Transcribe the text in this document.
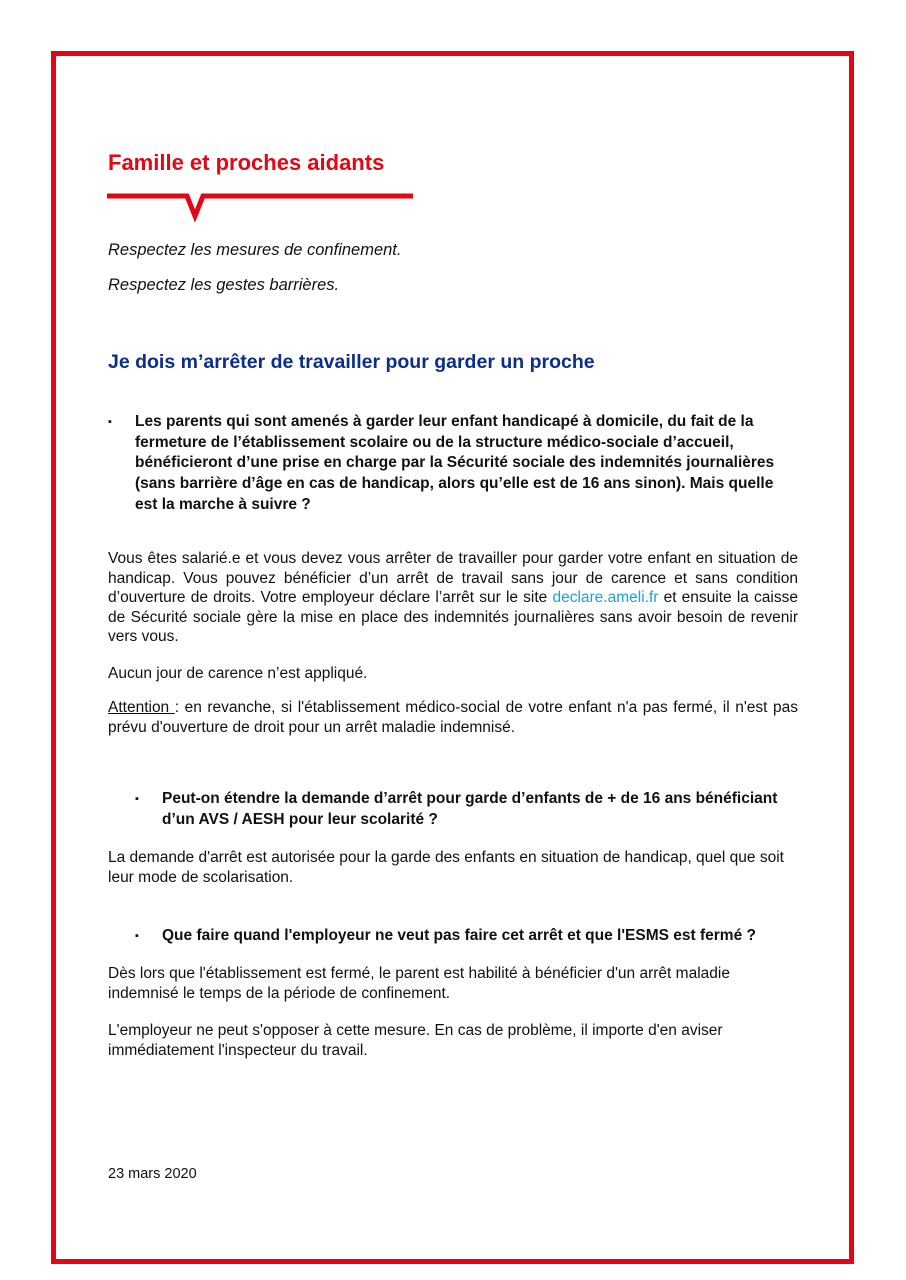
Famille et proches aidants

Respectez les mesures de confinement.

Respectez les gestes barrières.

Je dois m’arrêter de travailler pour garder un proche
▪ Les parents qui sont amenés à garder leur enfant handicapé à domicile, du fait de la fermeture de l’établissement scolaire ou de la structure médico-sociale d’accueil, bénéficieront d’une prise en charge par la Sécurité sociale des indemnités journalières (sans barrière d’âge en cas de handicap, alors qu’elle est de 16 ans sinon). Mais quelle est la marche à suivre ?

Vous êtes salarié.e et vous devez vous arrêter de travailler pour garder votre enfant en situation de handicap. Vous pouvez bénéficier d’un arrêt de travail sans jour de carence et sans condition d’ouverture de droits. Votre employeur déclare l’arrêt sur le site declare.ameli.fr et ensuite la caisse de Sécurité sociale gère la mise en place des indemnités journalières sans avoir besoin de revenir vers vous.

Aucun jour de carence n’est appliqué.

Attention : en revanche, si l'établissement médico-social de votre enfant n'a pas fermé, il n'est pas prévu d'ouverture de droit pour un arrêt maladie indemnisé.

▪ Peut-on étendre la demande d’arrêt pour garde d’enfants de + de 16 ans bénéficiant d’un AVS / AESH pour leur scolarité ?

La demande d'arrêt est autorisée pour la garde des enfants en situation de handicap, quel que soit leur mode de scolarisation.

▪ Que faire quand l'employeur ne veut pas faire cet arrêt et que l'ESMS est fermé ?

Dès lors que l'établissement est fermé, le parent est habilité à bénéficier d'un arrêt maladie indemnisé le temps de la période de confinement.

L'employeur ne peut s'opposer à cette mesure. En cas de problème, il importe d'en aviser immédiatement l'inspecteur du travail.

23 mars 2020
